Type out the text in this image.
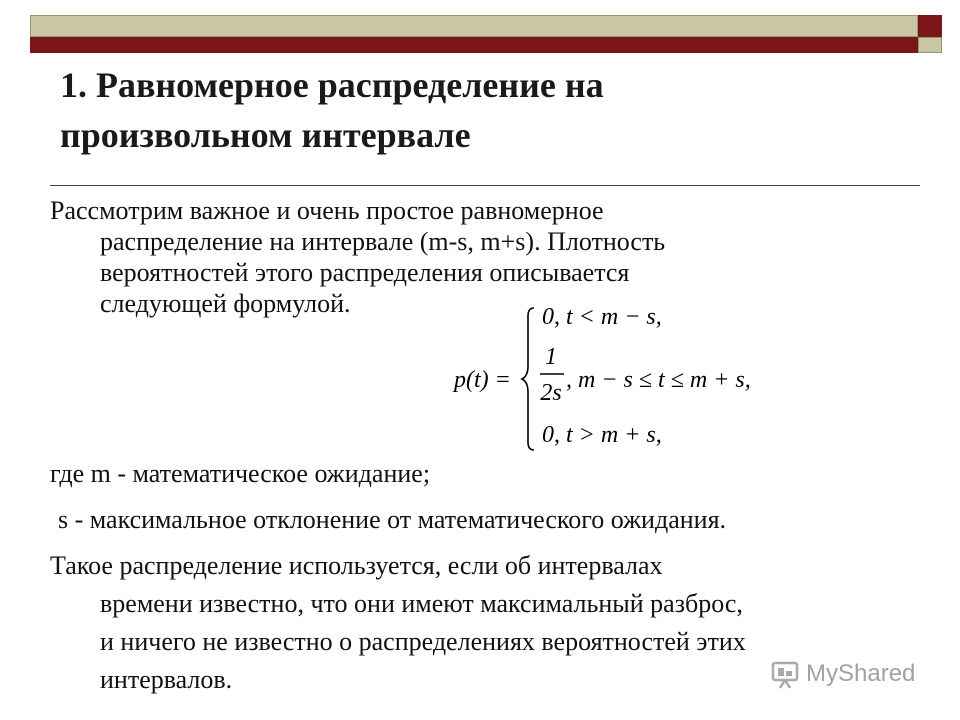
1. Равномерное распределение на
произвольном интервале

Рассмотрим важное и очень простое равномерное

распределение на интервале (m-s, m+s). Плотность

вероятностей этого распределения описывается

следующей формулой.

p(t) =
0, t < m − s,
1
2s , m − s ≤ t ≤ m + s,
0, t > m + s,

где m - математическое ожидание;

s - максимальное отклонение от математического ожидания.

Такое распределение используется, если об интервалах

времени известно, что они имеют максимальный разброс,

и ничего не известно о распределениях вероятностей этих

интервалов.	MyShared
